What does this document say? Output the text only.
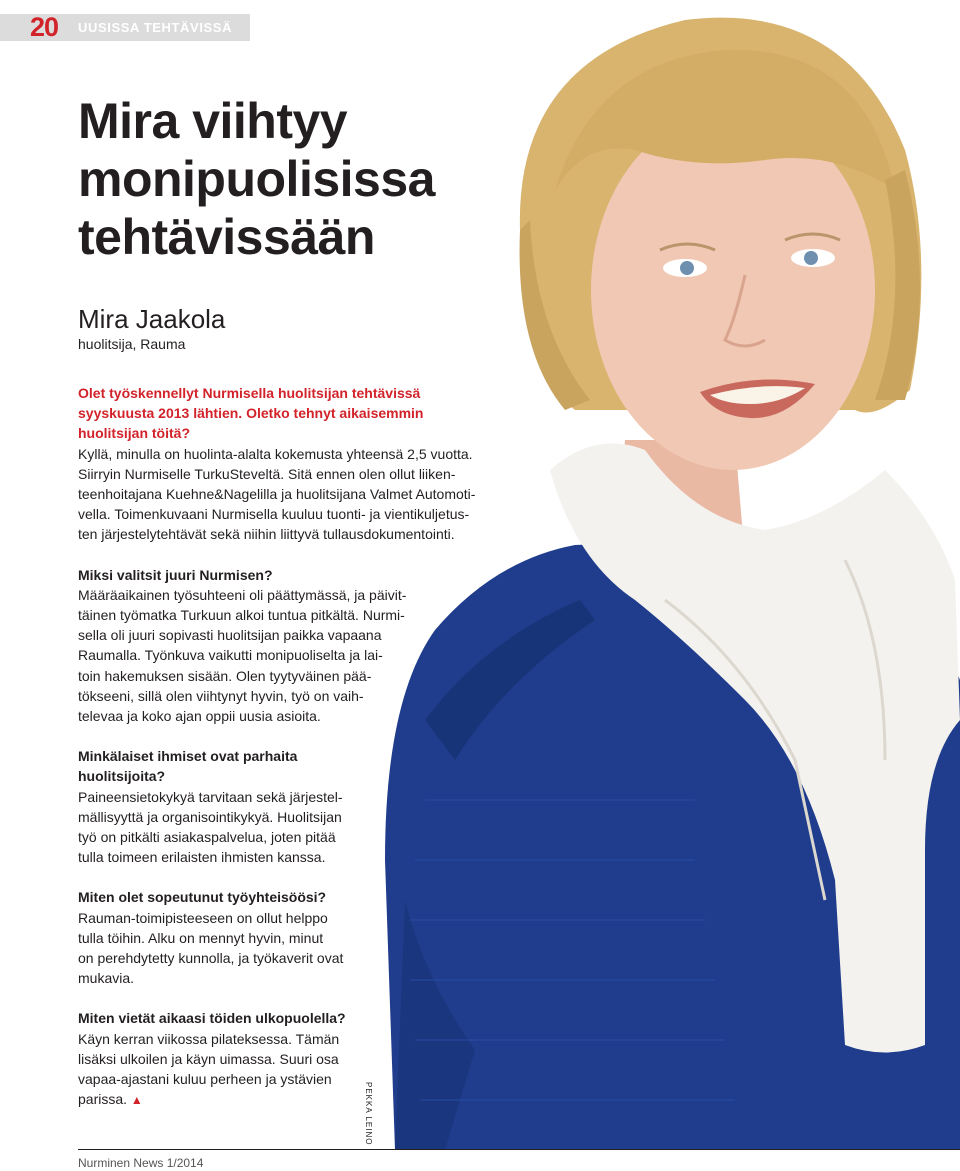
20 UUSISSA TEHTÄVISSÄ
Mira viihtyy
monipuolisissa
tehtävissään
Mira Jaakola
huolitsija, Rauma

Olet työskennellyt Nurmisella huolitsijan tehtävissä

syyskuusta 2013 lähtien. Oletko tehnyt aikaisemmin

huolitsijan töitä?

Kyllä, minulla on huolinta-alalta kokemusta yhteensä 2,5 vuotta.

Siirryin Nurmiselle TurkuSteveltä. Sitä ennen olen ollut liiken-

teenhoitajana Kuehne&Nagelilla ja huolitsijana Valmet Automoti-

vella. Toimenkuvaani Nurmisella kuuluu tuonti- ja vientikuljetus-

ten järjestelytehtävät sekä niihin liittyvä tullausdokumentointi.

Miksi valitsit juuri Nurmisen?

Määräaikainen työsuhteeni oli päättymässä, ja päivit-

täinen työmatka Turkuun alkoi tuntua pitkältä. Nurmi-

sella oli juuri sopivasti huolitsijan paikka vapaana

Raumalla. Työnkuva vaikutti monipuoliselta ja lai-

toin hakemuksen sisään. Olen tyytyväinen pää-

tökseeni, sillä olen viihtynyt hyvin, työ on vaih-

televaa ja koko ajan oppii uusia asioita.

Minkälaiset ihmiset ovat parhaita

huolitsijoita?

Paineensietokykyä tarvitaan sekä järjestel-

mällisyyttä ja organisointikykyä. Huolitsijan

työ on pitkälti asiakaspalvelua, joten pitää

tulla toimeen erilaisten ihmisten kanssa.

Miten olet sopeutunut työyhteisöösi?

Rauman-toimipisteeseen on ollut helppo

tulla töihin. Alku on mennyt hyvin, minut

on perehdytetty kunnolla, ja työkaverit ovat

mukavia.

Miten vietät aikaasi töiden ulkopuolella?

Käyn kerran viikossa pilateksessa. Tämän

lisäksi ulkoilen ja käyn uimassa. Suuri osa

vapaa-ajastani kuluu perheen ja ystävien

parissa. ▲	PEKKA LEINO
Nurminen News 1/2014
